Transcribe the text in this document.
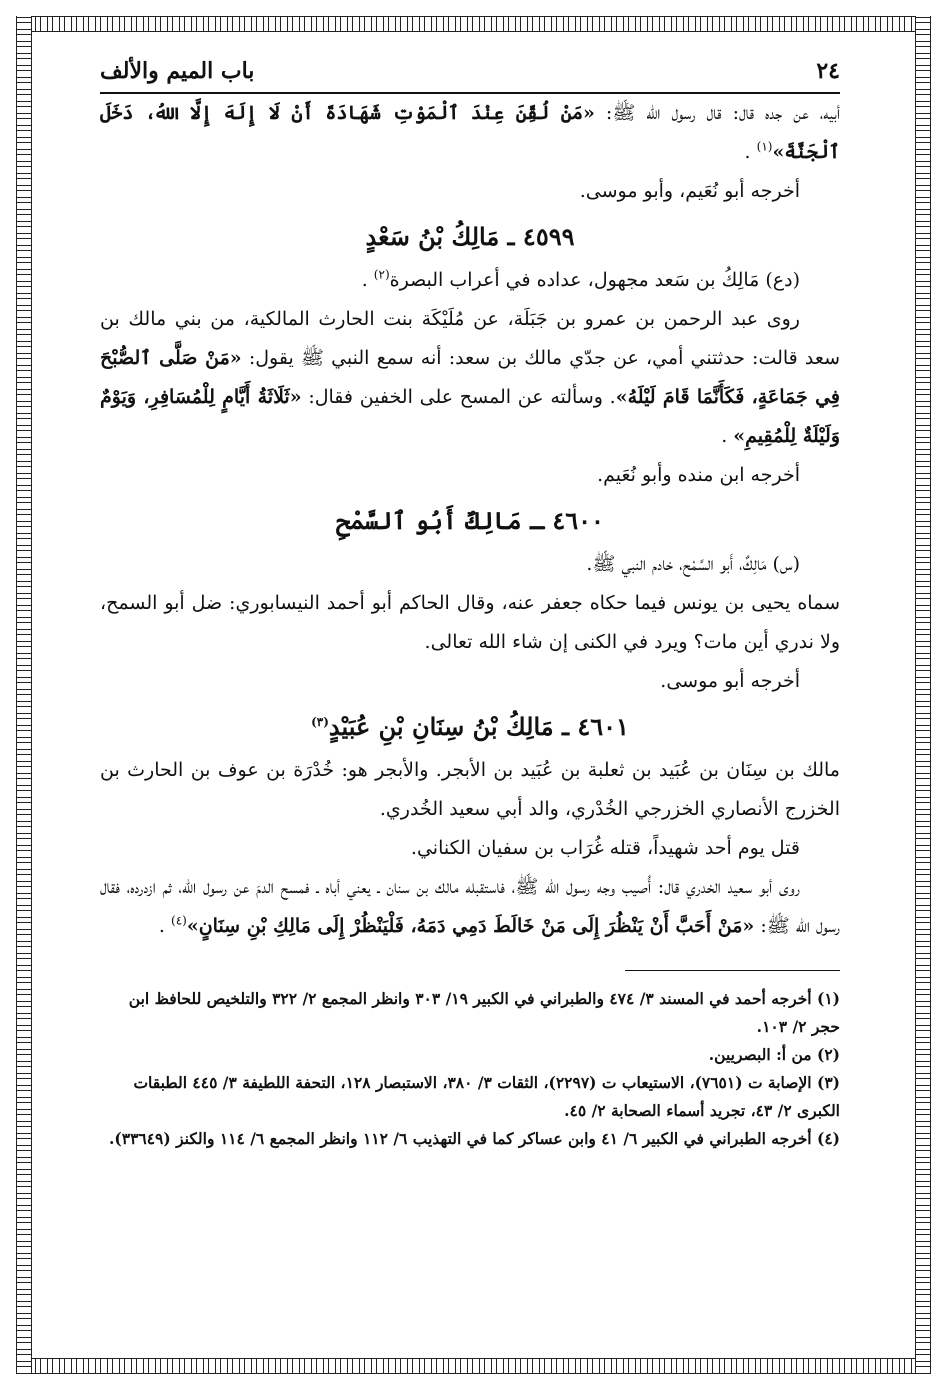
٢٤
باب الميم والألف

أبيه، عن جده قال: قال رسول الله ﷺ: «مَنْ لُقِّنَ عِنْدَ ٱلْمَوْتِ شَهَادَةَ أَنْ لَا إِلَهَ إِلَّا اللهُ، دَخَلَ ٱلْجَنَّةَ»$^{(١)}$ .

أخرجه أبو نُعَيم، وأبو موسى.

٤٥٩٩ ـ مَالِكُ بْنُ سَعْدٍ

(دع) مَالِكُ بن سَعد مجهول، عداده في أعراب البصرة$^{(٢)}$ .

روى عبد الرحمن بن عمرو بن جَبَلَة، عن مُلَيْكَة بنت الحارث المالكية، من بني مالك بن سعد قالت: حدثتني أمي، عن جدّي مالك بن سعد: أنه سمع النبي ﷺ يقول: «مَنْ صَلَّى ٱلصُّبْحَ فِي جَمَاعَةٍ، فَكَأَنَّمَا قَامَ لَيْلَهُ». وسألته عن المسح على الخفين فقال: «ثَلَاثَةُ أَيَّامٍ لِلْمُسَافِرِ، وَيَوْمٌ وَلَيْلَةٌ لِلْمُقِيمِ» .

أخرجه ابن منده وأبو نُعَيم.

٤٦٠٠ ـ مَالِكٌ أَبُو ٱلسَّمْحِ

(س) مَالِكٌ، أَبو السَّمْح، خادم النبي ﷺ.

سماه يحيى بن يونس فيما حكاه جعفر عنه، وقال الحاكم أبو أحمد النيسابوري: ضل أبو السمح، ولا ندري أين مات؟ ويرد في الكنى إن شاء الله تعالى.

أخرجه أبو موسى.

٤٦٠١ ـ مَالِكُ بْنُ سِنَانِ بْنِ عُبَيْدٍ$^{(٣)}$

مالك بن سِنَان بن عُبَيد بن ثعلبة بن عُبَيد بن الأبجر. والأبجر هو: خُدْرَة بن عوف بن الحارث بن الخزرج الأنصاري الخزرجي الخُدْري، والد أبي سعيد الخُدري.

قتل يوم أحد شهيداً، قتله غُرَاب بن سفيان الكناني.

روى أبو سعيد الخدري قال: أُصيب وجه رسول الله ﷺ، فاستقبله مالك بن سنان ـ يعني أباه ـ فمسح الدمَ عن رسول الله، ثم ازدرده، فقال رسول الله ﷺ: «مَنْ أَحَبَّ أَنْ يَنْظُرَ إِلَى مَنْ خَالَطَ دَمِي دَمَهُ، فَلْيَنْظُرْ إِلَى مَالِكِ بْنِ سِنَانٍ»$^{(٤)}$ .

(١) أخرجه أحمد في المسند ٣/ ٤٧٤ والطبراني في الكبير ١٩/ ٣٠٣ وانظر المجمع ٢/ ٣٢٢ والتلخيص للحافظ ابن حجر ٢/ ١٠٣.

(٢) من أ: البصريين.

(٣) الإصابة ت (٧٦٥١)، الاستيعاب ت (٢٢٩٧)، الثقات ٣/ ٣٨٠، الاستبصار ١٢٨، التحفة اللطيفة ٣/ ٤٤٥ الطبقات الكبرى ٢/ ٤٣، تجريد أسماء الصحابة ٢/ ٤٥.

(٤) أخرجه الطبراني في الكبير ٦/ ٤١ وابن عساكر كما في التهذيب ٦/ ١١٢ وانظر المجمع ٦/ ١١٤ والكنز (٣٣٦٤٩).
